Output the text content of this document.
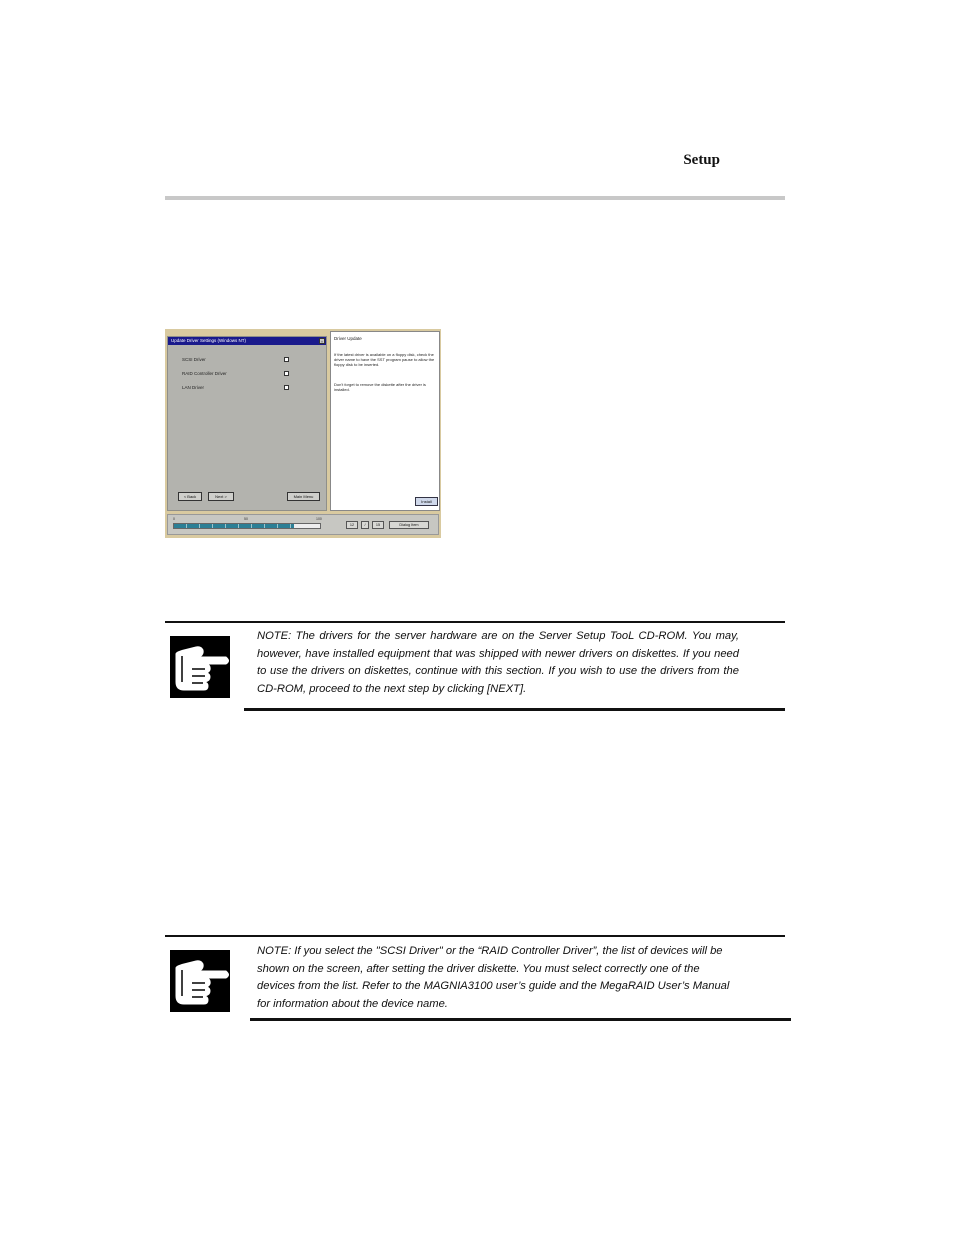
Setup
Update Driver Settings (Windows NT)	×
SCSI Driver
RAID Controller Driver
LAN Driver
< Back	Next >	Main Menu
Driver Update
If the latest driver is available on a floppy disk, check the driver name to have the SST program pause to allow the floppy disk to be inserted.
Don't forget to remove the diskette after the driver is installed.
Install
0	50	100
12	/	15	Dialog Item
NOTE: The drivers for the server hardware are on the Server Setup TooL CD-ROM. You may, however, have installed equipment that was shipped with newer drivers on diskettes. If you need to use the drivers on diskettes, continue with this section. If you wish to use the drivers from the CD-ROM, proceed to the next step by clicking [NEXT].
NOTE: If you select the "SCSI Driver" or the “RAID Controller Driver”, the list of devices will be shown on the screen, after setting the driver diskette. You must select correctly one of the devices from the list. Refer to the MAGNIA3100 user’s guide and the MegaRAID User’s Manual for information about the device name.
